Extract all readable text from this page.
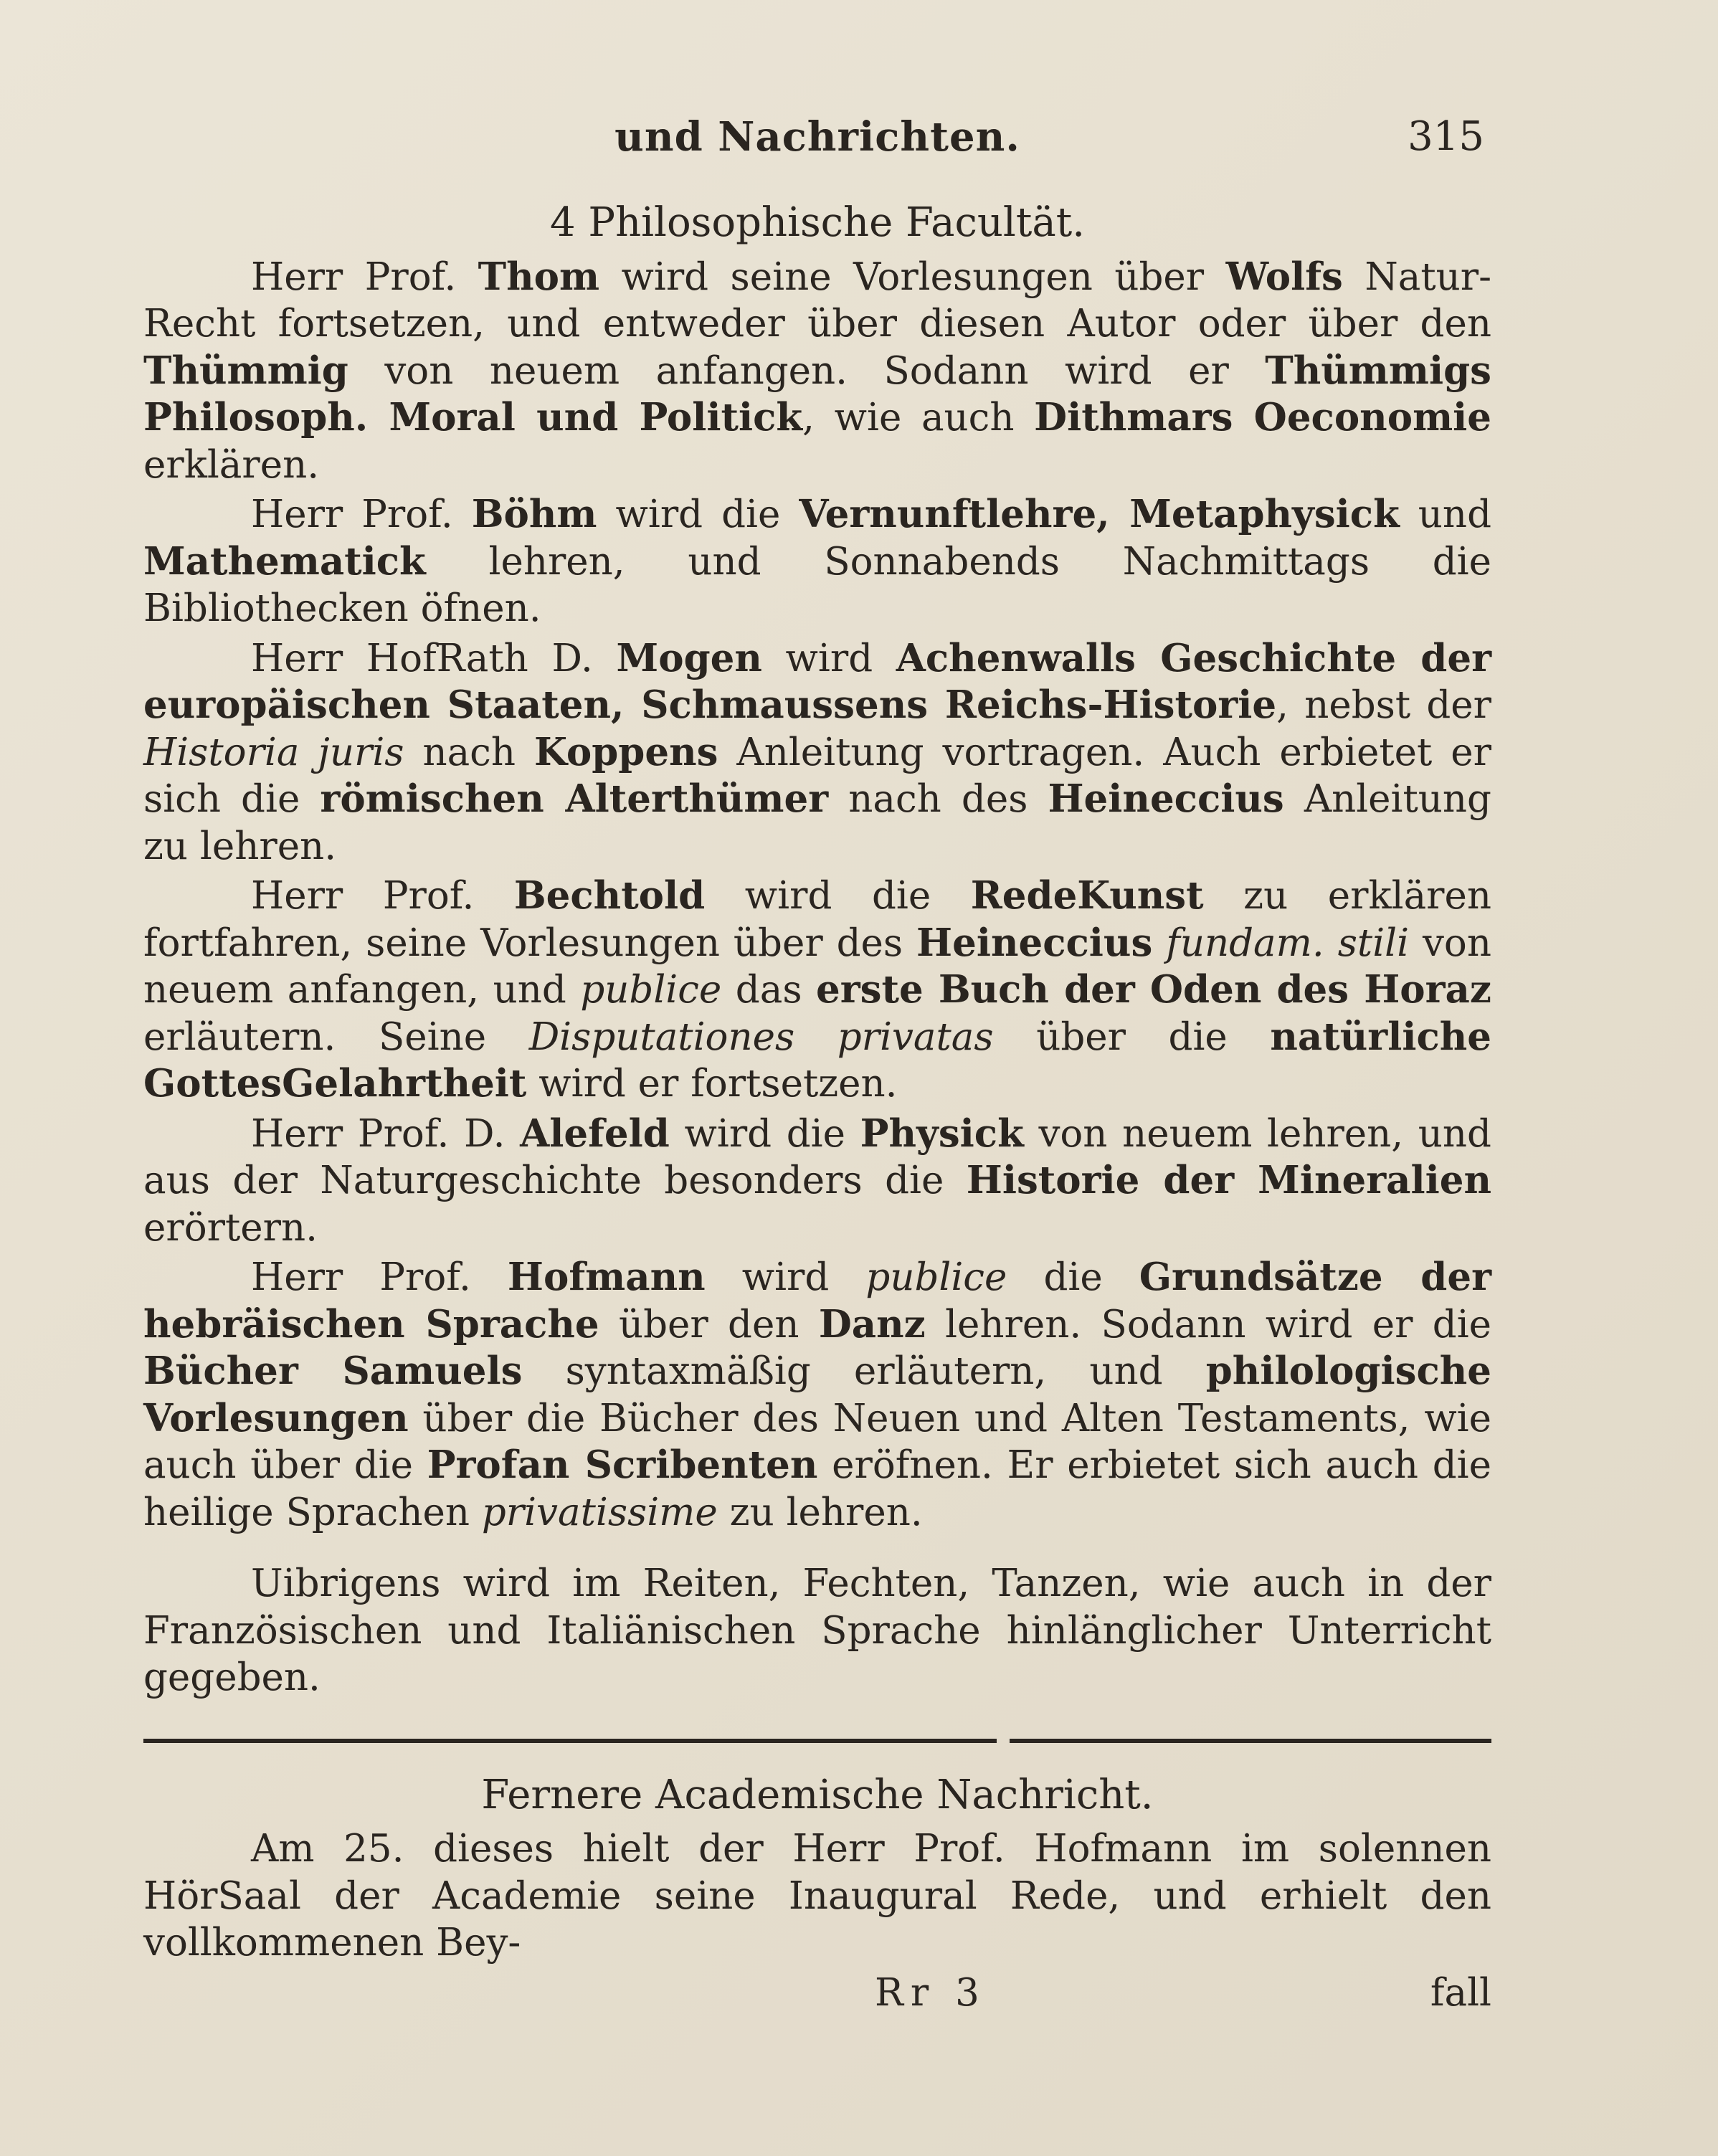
und Nachrichten.	315
4 Philosophische Facultät.

Herr Prof. Thom wird seine Vorlesungen über Wolfs Natur-Recht fortsetzen, und entweder über diesen Autor oder über den Thümmig von neuem anfangen. Sodann wird er Thümmigs Philosoph. Moral und Politick, wie auch Dithmars Oeconomie erklären.

Herr Prof. Böhm wird die Vernunftlehre, Metaphysick und Mathematick lehren, und Sonnabends Nachmittags die Bibliothecken öfnen.

Herr HofRath D. Mogen wird Achenwalls Geschichte der europäischen Staaten, Schmaussens Reichs-Historie, nebst der Historia juris nach Koppens Anleitung vortragen. Auch erbietet er sich die römischen Alterthümer nach des Heineccius Anleitung zu lehren.

Herr Prof. Bechtold wird die RedeKunst zu erklären fortfahren, seine Vorlesungen über des Heineccius fundam. stili von neuem anfangen, und publice das erste Buch der Oden des Horaz erläutern. Seine Disputationes privatas über die natürliche GottesGelahrtheit wird er fortsetzen.

Herr Prof. D. Alefeld wird die Physick von neuem lehren, und aus der Naturgeschichte besonders die Historie der Mineralien erörtern.

Herr Prof. Hofmann wird publice die Grundsätze der hebräischen Sprache über den Danz lehren. Sodann wird er die Bücher Samuels syntaxmäßig erläutern, und philologische Vorlesungen über die Bücher des Neuen und Alten Testaments, wie auch über die Profan Scribenten eröfnen. Er erbietet sich auch die heilige Sprachen privatissime zu lehren.

Uibrigens wird im Reiten, Fechten, Tanzen, wie auch in der Französischen und Italiänischen Sprache hinlänglicher Unterricht gegeben.

Fernere Academische Nachricht.

Am 25. dieses hielt der Herr Prof. Hofmann im solennen HörSaal der Academie seine Inaugural Rede, und erhielt den vollkommenen Bey-

Rr 3	fall
